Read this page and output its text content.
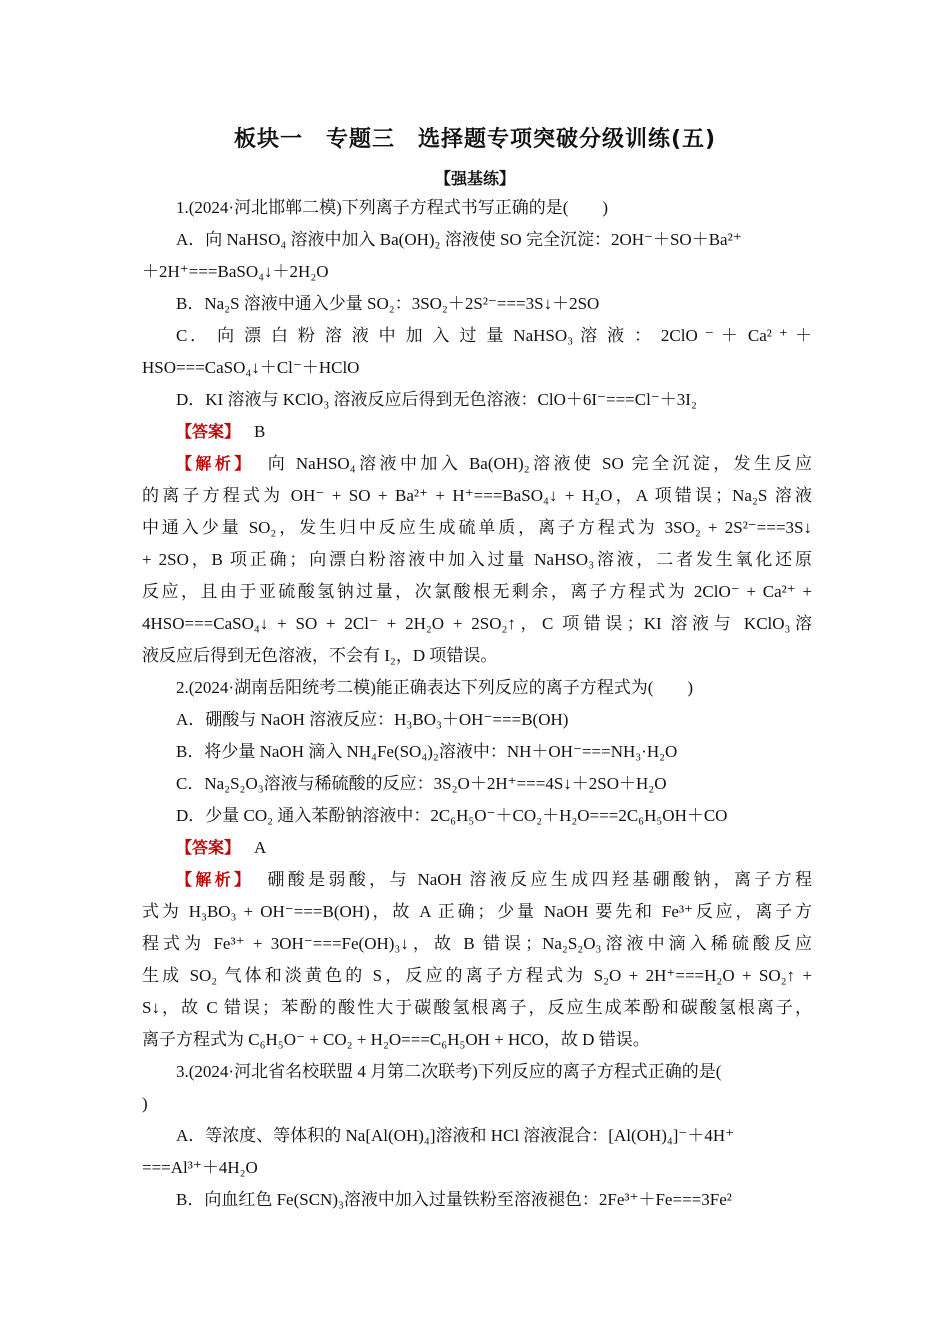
板块一　专题三　选择题专项突破分级训练(五)
【强基练】
1.(2024·河北邯郸二模)下列离子方程式书写正确的是(　　)
A．向 NaHSO₄ 溶液中加入 Ba(OH)₂ 溶液使 SO 完全沉淀：2OH⁻＋SO＋Ba²⁺
＋2H⁺===BaSO₄↓＋2H₂O
B．Na₂S 溶液中通入少量 SO₂：3SO₂＋2S²⁻===3S↓＋2SO
C． 向 漂 白 粉 溶 液 中 加 入 过 量 NaHSO₃ 溶 液 ： 2ClO ⁻ ＋ Ca² ⁺ ＋
HSO===CaSO₄↓＋Cl⁻＋HClO
D．KI 溶液与 KClO₃ 溶液反应后得到无色溶液：ClO＋6I⁻===Cl⁻＋3I₂
【答案】 B
【解析】 向 NaHSO₄溶液中加入 Ba(OH)₂溶液使 SO 完全沉淀，发生反应
的离子方程式为 OH⁻ + SO + Ba²⁺ + H⁺===BaSO₄↓ + H₂O，A 项错误；Na₂S 溶液
中通入少量 SO₂，发生归中反应生成硫单质，离子方程式为 3SO₂ + 2S²⁻===3S↓
+ 2SO，B 项正确；向漂白粉溶液中加入过量 NaHSO₃溶液，二者发生氧化还原
反应，且由于亚硫酸氢钠过量，次氯酸根无剩余，离子方程式为 2ClO⁻ + Ca²⁺ +
4HSO===CaSO₄↓ + SO + 2Cl⁻ + 2H₂O + 2SO₂↑，C 项错误；KI 溶液与 KClO₃溶
液反应后得到无色溶液，不会有 I₂，D 项错误。
2.(2024·湖南岳阳统考二模)能正确表达下列反应的离子方程式为(　　)
A．硼酸与 NaOH 溶液反应：H₃BO₃＋OH⁻===B(OH)
B．将少量 NaOH 滴入 NH₄Fe(SO₄)₂溶液中：NH＋OH⁻===NH₃·H₂O
C．Na₂S₂O₃溶液与稀硫酸的反应：3S₂O＋2H⁺===4S↓＋2SO＋H₂O
D．少量 CO₂ 通入苯酚钠溶液中：2C₆H₅O⁻＋CO₂＋H₂O===2C₆H₅OH＋CO
【答案】 A
【解析】 硼酸是弱酸，与 NaOH 溶液反应生成四羟基硼酸钠，离子方程
式为 H₃BO₃ + OH⁻===B(OH)，故 A 正确；少量 NaOH 要先和 Fe³⁺反应，离子方
程式为 Fe³⁺ + 3OH⁻===Fe(OH)₃↓，故 B 错误；Na₂S₂O₃溶液中滴入稀硫酸反应
生成 SO₂ 气体和淡黄色的 S，反应的离子方程式为 S₂O + 2H⁺===H₂O + SO₂↑ +
S↓，故 C 错误；苯酚的酸性大于碳酸氢根离子，反应生成苯酚和碳酸氢根离子，
离子方程式为 C₆H₅O⁻ + CO₂ + H₂O===C₆H₅OH + HCO，故 D 错误。
3.(2024·河北省名校联盟 4 月第二次联考)下列反应的离子方程式正确的是(
)
A．等浓度、等体积的 Na[Al(OH)₄]溶液和 HCl 溶液混合：[Al(OH)₄]⁻＋4H⁺
===Al³⁺＋4H₂O
B．向血红色 Fe(SCN)₃溶液中加入过量铁粉至溶液褪色：2Fe³⁺＋Fe===3Fe²
